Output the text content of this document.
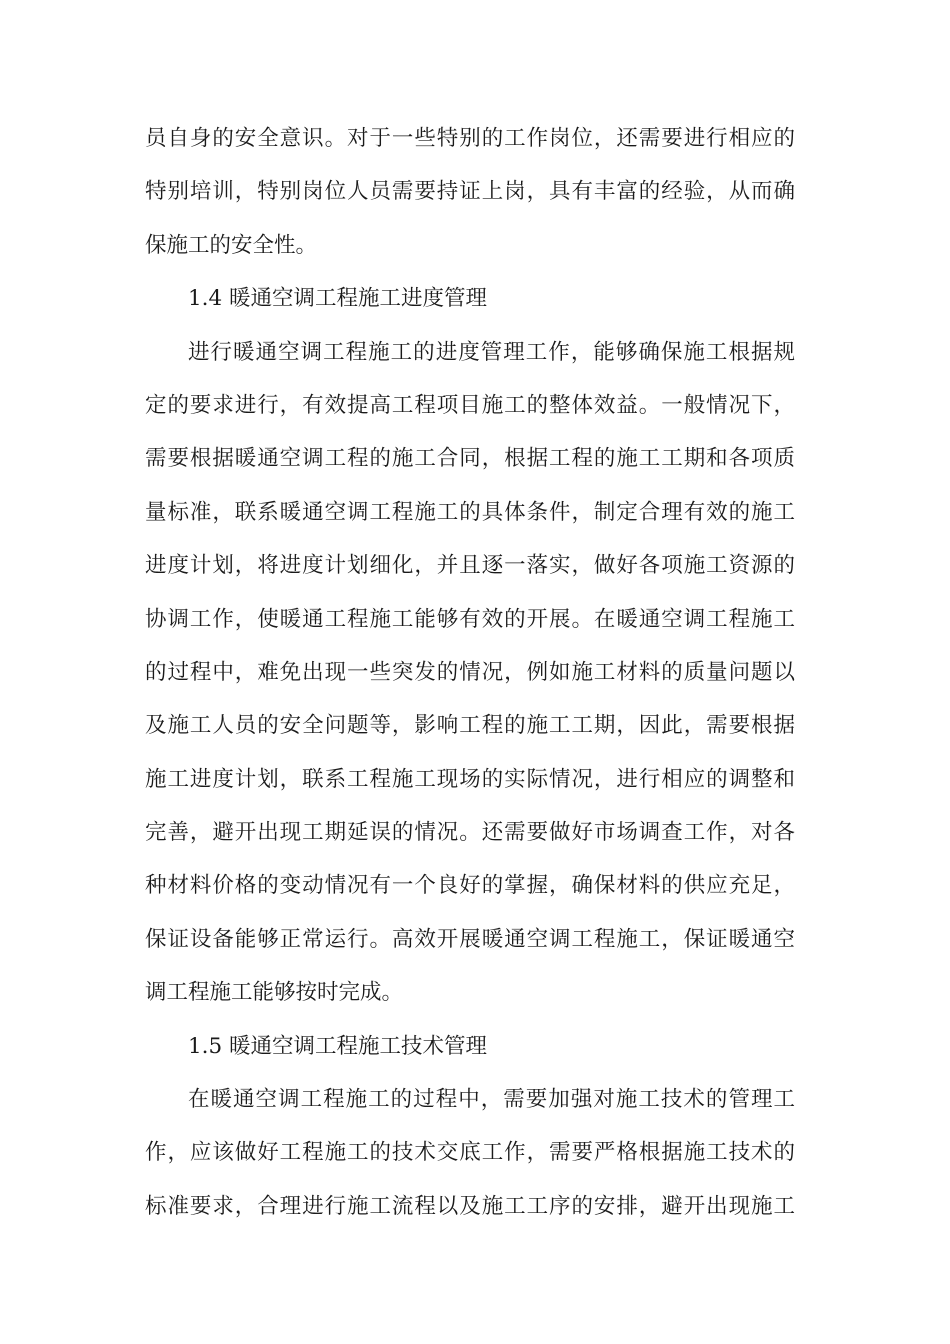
员自身的安全意识。对于一些特别的工作岗位，还需要进行相应的
特别培训，特别岗位人员需要持证上岗，具有丰富的经验，从而确
保施工的安全性。
1.4 暖通空调工程施工进度管理
进行暖通空调工程施工的进度管理工作，能够确保施工根据规
定的要求进行，有效提高工程项目施工的整体效益。一般情况下，
需要根据暖通空调工程的施工合同，根据工程的施工工期和各项质
量标准，联系暖通空调工程施工的具体条件，制定合理有效的施工
进度计划，将进度计划细化，并且逐一落实，做好各项施工资源的
协调工作，使暖通工程施工能够有效的开展。在暖通空调工程施工
的过程中，难免出现一些突发的情况，例如施工材料的质量问题以
及施工人员的安全问题等，影响工程的施工工期，因此，需要根据
施工进度计划，联系工程施工现场的实际情况，进行相应的调整和
完善，避开出现工期延误的情况。还需要做好市场调查工作，对各
种材料价格的变动情况有一个良好的掌握，确保材料的供应充足，
保证设备能够正常运行。高效开展暖通空调工程施工，保证暖通空
调工程施工能够按时完成。
1.5 暖通空调工程施工技术管理
在暖通空调工程施工的过程中，需要加强对施工技术的管理工
作，应该做好工程施工的技术交底工作，需要严格根据施工技术的
标准要求，合理进行施工流程以及施工工序的安排，避开出现施工
